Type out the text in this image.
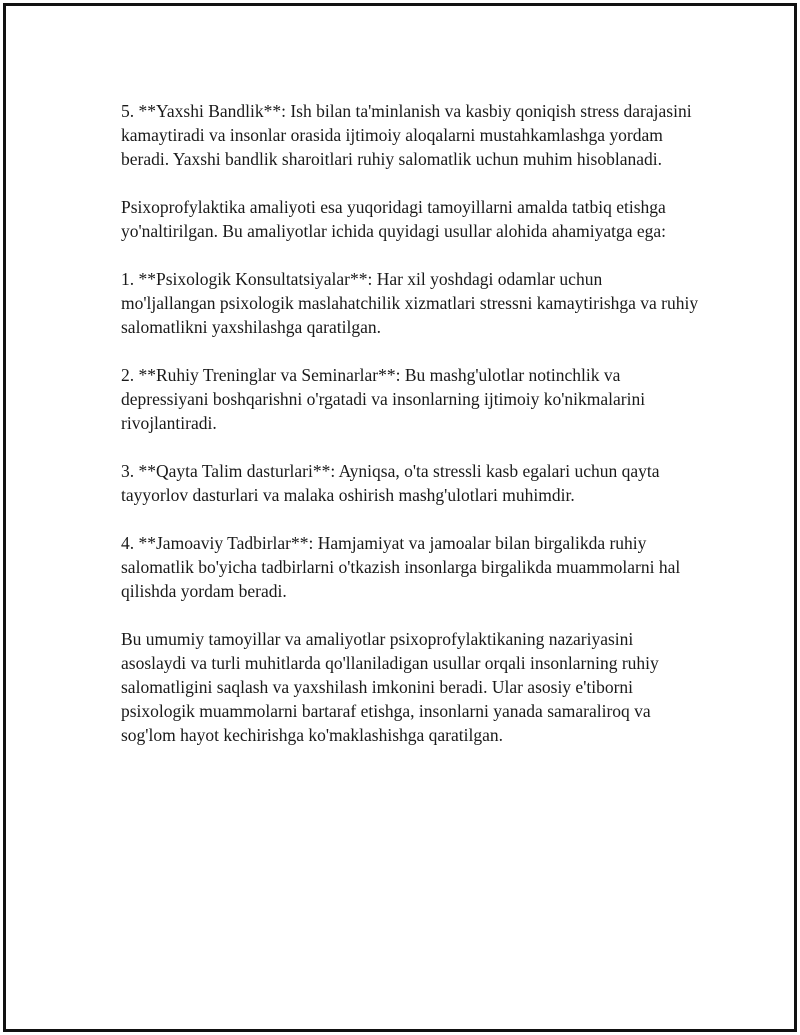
5. **Yaxshi Bandlik**: Ish bilan ta'minlanish va kasbiy qoniqish stress darajasini kamaytiradi va insonlar orasida ijtimoiy aloqalarni mustahkamlashga yordam beradi. Yaxshi bandlik sharoitlari ruhiy salomatlik uchun muhim hisoblanadi.

Psixoprofylaktika amaliyoti esa yuqoridagi tamoyillarni amalda tatbiq etishga yo'naltirilgan. Bu amaliyotlar ichida quyidagi usullar alohida ahamiyatga ega:

1. **Psixologik Konsultatsiyalar**: Har xil yoshdagi odamlar uchun mo'ljallangan psixologik maslahatchilik xizmatlari stressni kamaytirishga va ruhiy salomatlikni yaxshilashga qaratilgan.

2. **Ruhiy Treninglar va Seminarlar**: Bu mashg'ulotlar notinchlik va depressiyani boshqarishni o'rgatadi va insonlarning ijtimoiy ko'nikmalarini rivojlantiradi.

3. **Qayta Talim dasturlari**: Ayniqsa, o'ta stressli kasb egalari uchun qayta tayyorlov dasturlari va malaka oshirish mashg'ulotlari muhimdir.

4. **Jamoaviy Tadbirlar**: Hamjamiyat va jamoalar bilan birgalikda ruhiy salomatlik bo'yicha tadbirlarni o'tkazish insonlarga birgalikda muammolarni hal qilishda yordam beradi.

Bu umumiy tamoyillar va amaliyotlar psixoprofylaktikaning nazariyasini asoslaydi va turli muhitlarda qo'llaniladigan usullar orqali insonlarning ruhiy salomatligini saqlash va yaxshilash imkonini beradi. Ular asosiy e'tiborni psixologik muammolarni bartaraf etishga, insonlarni yanada samaraliroq va sog'lom hayot kechirishga ko'maklashishga qaratilgan.
